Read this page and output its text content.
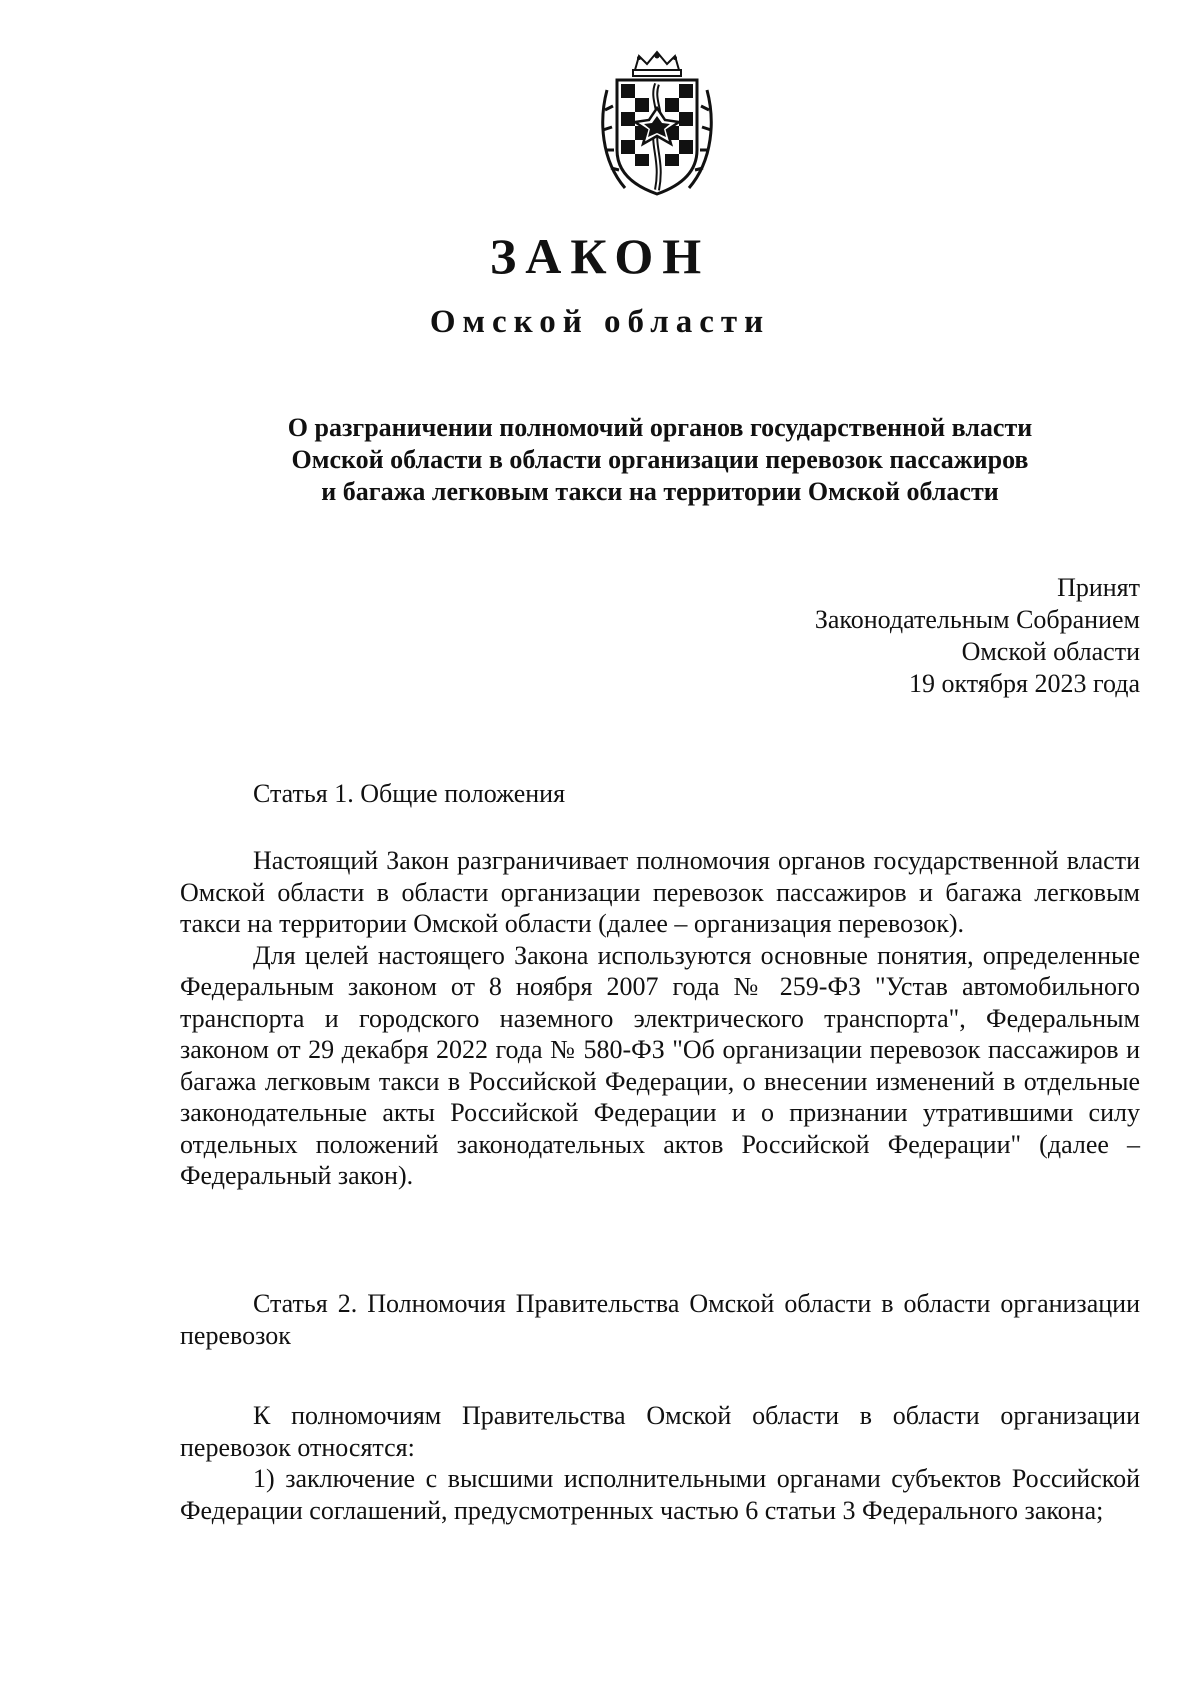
ЗАКОН
Омской области
О разграничении полномочий органов государственной власти
Омской области в области организации перевозок пассажиров
и багажа легковым такси на территории Омской области
Принят
Законодательным Собранием
Омской области
19 октября 2023 года

Статья 1. Общие положения

Настоящий Закон разграничивает полномочия органов государственной власти Омской области в области организации перевозок пассажиров и багажа легковым такси на территории Омской области (далее – организация перевозок).

Для целей настоящего Закона используются основные понятия, определенные Федеральным законом от 8 ноября 2007 года № 259-ФЗ "Устав автомобильного транспорта и городского наземного электрического транспорта", Федеральным законом от 29 декабря 2022 года № 580-ФЗ "Об организации перевозок пассажиров и багажа легковым такси в Российской Федерации, о внесении изменений в отдельные законодательные акты Российской Федерации и о признании утратившими силу отдельных положений законодательных актов Российской Федерации" (далее – Федеральный закон).

Статья 2. Полномочия Правительства Омской области в области организации перевозок

К полномочиям Правительства Омской области в области организации перевозок относятся:

1) заключение с высшими исполнительными органами субъектов Российской Федерации соглашений, предусмотренных частью 6 статьи 3 Федерального закона;
